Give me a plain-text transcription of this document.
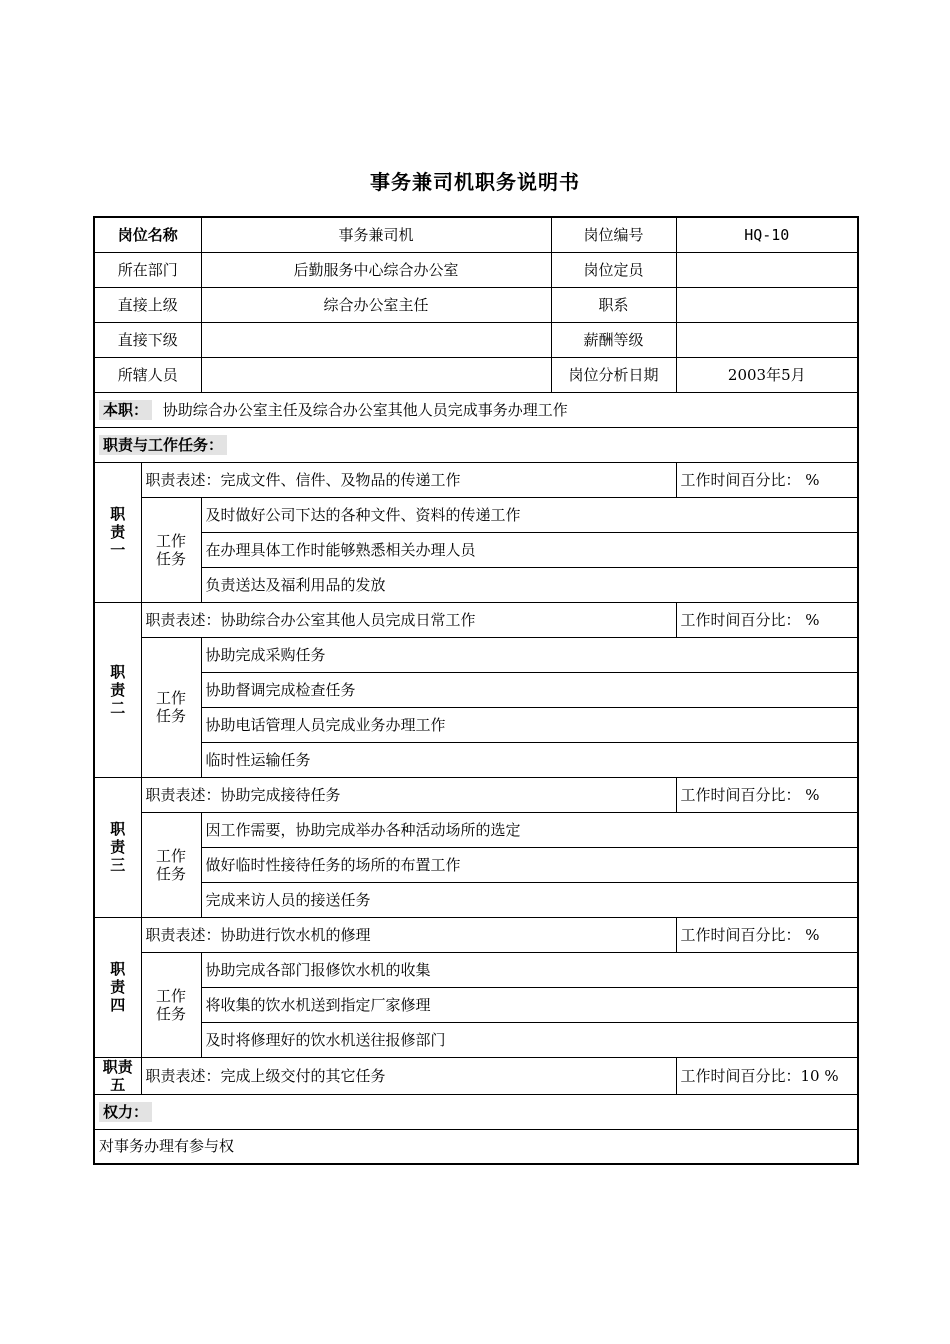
事务兼司机职务说明书
岗位名称		事务兼司机	岗位编号	HQ-10
所在部门		后勤服务中心综合办公室	岗位定员	
直接上级		综合办公室主任	职系	
直接下级			薪酬等级	
所辖人员			岗位分析日期	2003年5月
本职： 协助综合办公室主任及综合办公室其他人员完成事务办理工作				
职责与工作任务：				
职责一	职责表述：完成文件、信件、及物品的传递工作			工作时间百分比： %
	工作任务	及时做好公司下达的各种文件、资料的传递工作		
		在办理具体工作时能够熟悉相关办理人员		
		负责送达及福利用品的发放		
职责二	职责表述：协助综合办公室其他人员完成日常工作			工作时间百分比： %
	工作任务	协助完成采购任务		
		协助督调完成检查任务		
		协助电话管理人员完成业务办理工作		
		临时性运输任务		
职责三	职责表述：协助完成接待任务			工作时间百分比： %
	工作任务	因工作需要，协助完成举办各种活动场所的选定		
		做好临时性接待任务的场所的布置工作		
		完成来访人员的接送任务		
职责四	职责表述：协助进行饮水机的修理			工作时间百分比： %
	工作任务	协助完成各部门报修饮水机的收集		
		将收集的饮水机送到指定厂家修理		
		及时将修理好的饮水机送往报修部门		
职责五	职责表述：完成上级交付的其它任务			工作时间百分比：10 %
权力：				
对事务办理有参与权				
